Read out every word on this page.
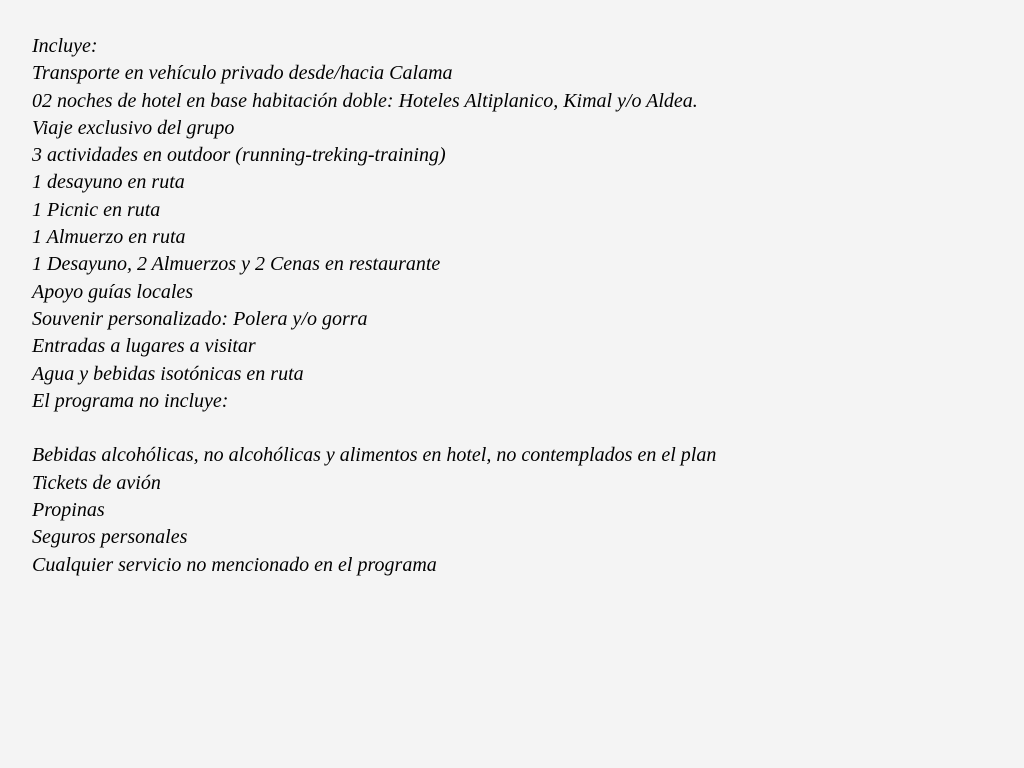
Incluye:
Transporte en vehículo privado desde/hacia Calama
02 noches de hotel en base habitación doble: Hoteles Altiplanico, Kimal y/o Aldea.
Viaje exclusivo del grupo
3 actividades en outdoor (running-treking-training)
1 desayuno en ruta
1 Picnic en ruta
1 Almuerzo en ruta
1 Desayuno, 2 Almuerzos y 2 Cenas en restaurante
Apoyo guías locales
Souvenir personalizado: Polera y/o gorra
Entradas a lugares a visitar
Agua y bebidas isotónicas en ruta
El programa no incluye:
Bebidas alcohólicas, no alcohólicas y alimentos en hotel, no contemplados en el plan
Tickets de avión
Propinas
Seguros personales
Cualquier servicio no mencionado en el programa
